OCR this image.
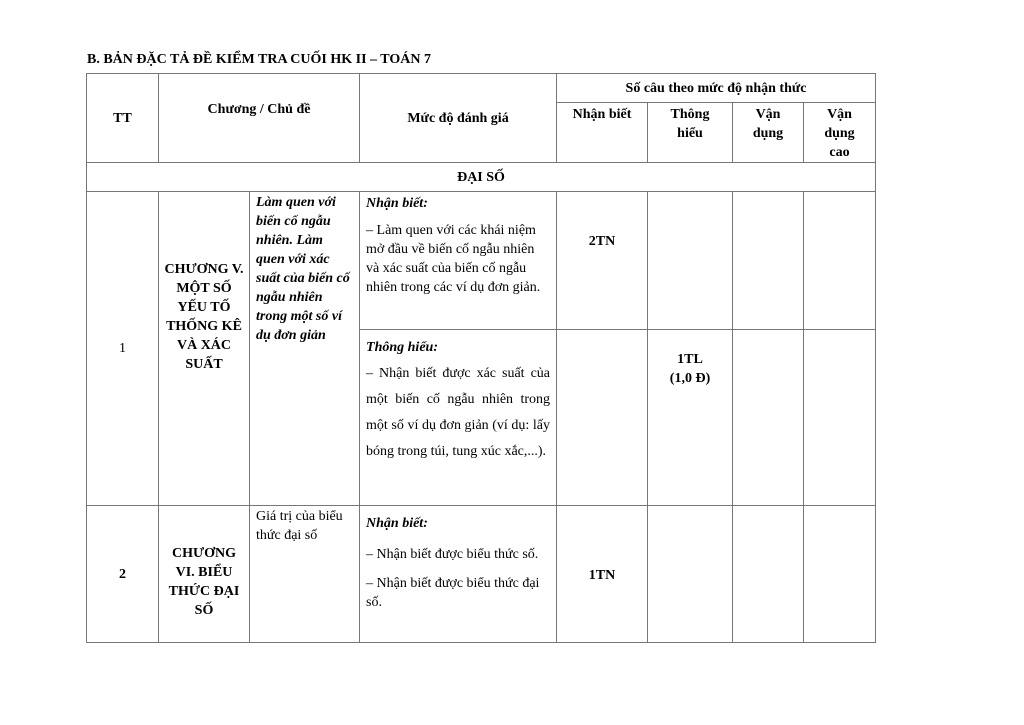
B. BẢN ĐẶC TẢ ĐỀ KIỂM TRA CUỐI HK II – TOÁN 7
TT	Chương / Chủ đề		Mức độ đánh giá	Số câu theo mức độ nhận thức			
				Nhận biết	Thông hiểu	Vận dụng	Vận dụng cao
ĐẠI SỐ							
1	CHƯƠNG V. MỘT SỐ YẾU TỐ THỐNG KÊ VÀ XÁC SUẤT	Làm quen với biến cố ngẫu nhiên. Làm quen với xác suất của biến cố ngẫu nhiên trong một số ví dụ đơn giản	Nhận biết:
– Làm quen với các khái niệm mở đầu về biến cố ngẫu nhiên và xác suất của biến cố ngẫu nhiên trong các ví dụ đơn giản.	2TN			

			Thông hiểu:
– Nhận biết được xác suất của một biến cố ngẫu nhiên trong một số ví dụ đơn giản (ví dụ: lấy bóng trong túi, tung xúc xắc,...).		1TL
(1,0 Đ)		

2	CHƯƠNG VI. BIỂU THỨC ĐẠI SỐ	Giá trị của biểu thức đại số	Nhận biết:
– Nhận biết được biểu thức số.
– Nhận biết được biểu thức đại số.	1TN			
